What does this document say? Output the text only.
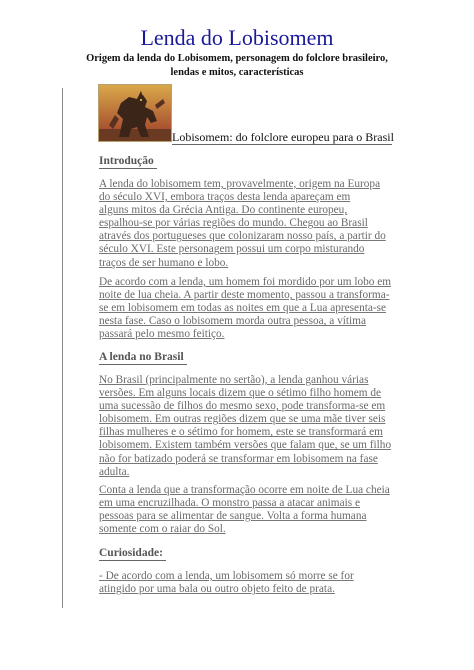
Lenda do Lobisomem
Origem da lenda do Lobisomem, personagem do folclore brasileiro,
lendas e mitos, características
Lobisomem: do folclore europeu para o Brasil
Introdução
A lenda do lobisomem tem, provavelmente, origem na Europa
do século XVI, embora traços desta lenda apareçam em
alguns mitos da Grécia Antiga. Do continente europeu,
espalhou-se por várias regiões do mundo. Chegou ao Brasil
através dos portugueses que colonizaram nosso país, a partir do
século XVI. Este personagem possui um corpo misturando
traços de ser humano e lobo.
De acordo com a lenda, um homem foi mordido por um lobo em
noite de lua cheia. A partir deste momento, passou a transforma-
se em lobisomem em todas as noites em que a Lua apresenta-se
nesta fase. Caso o lobisomem morda outra pessoa, a vítima
passará pelo mesmo feitiço.
A lenda no Brasil
No Brasil (principalmente no sertão), a lenda ganhou várias
versões. Em alguns locais dizem que o sétimo filho homem de
uma sucessão de filhos do mesmo sexo, pode transforma-se em
lobisomem. Em outras regiões dizem que se uma mãe tiver seis
filhas mulheres e o sétimo for homem, este se transformará em
lobisomem. Existem também versões que falam que, se um filho
não for batizado poderá se transformar em lobisomem na fase
adulta.
Conta a lenda que a transformação ocorre em noite de Lua cheia
em uma encruzilhada. O monstro passa a atacar animais e
pessoas para se alimentar de sangue. Volta a forma humana
somente com o raiar do Sol.
Curiosidade:
- De acordo com a lenda, um lobisomem só morre se for
atingido por uma bala ou outro objeto feito de prata.
